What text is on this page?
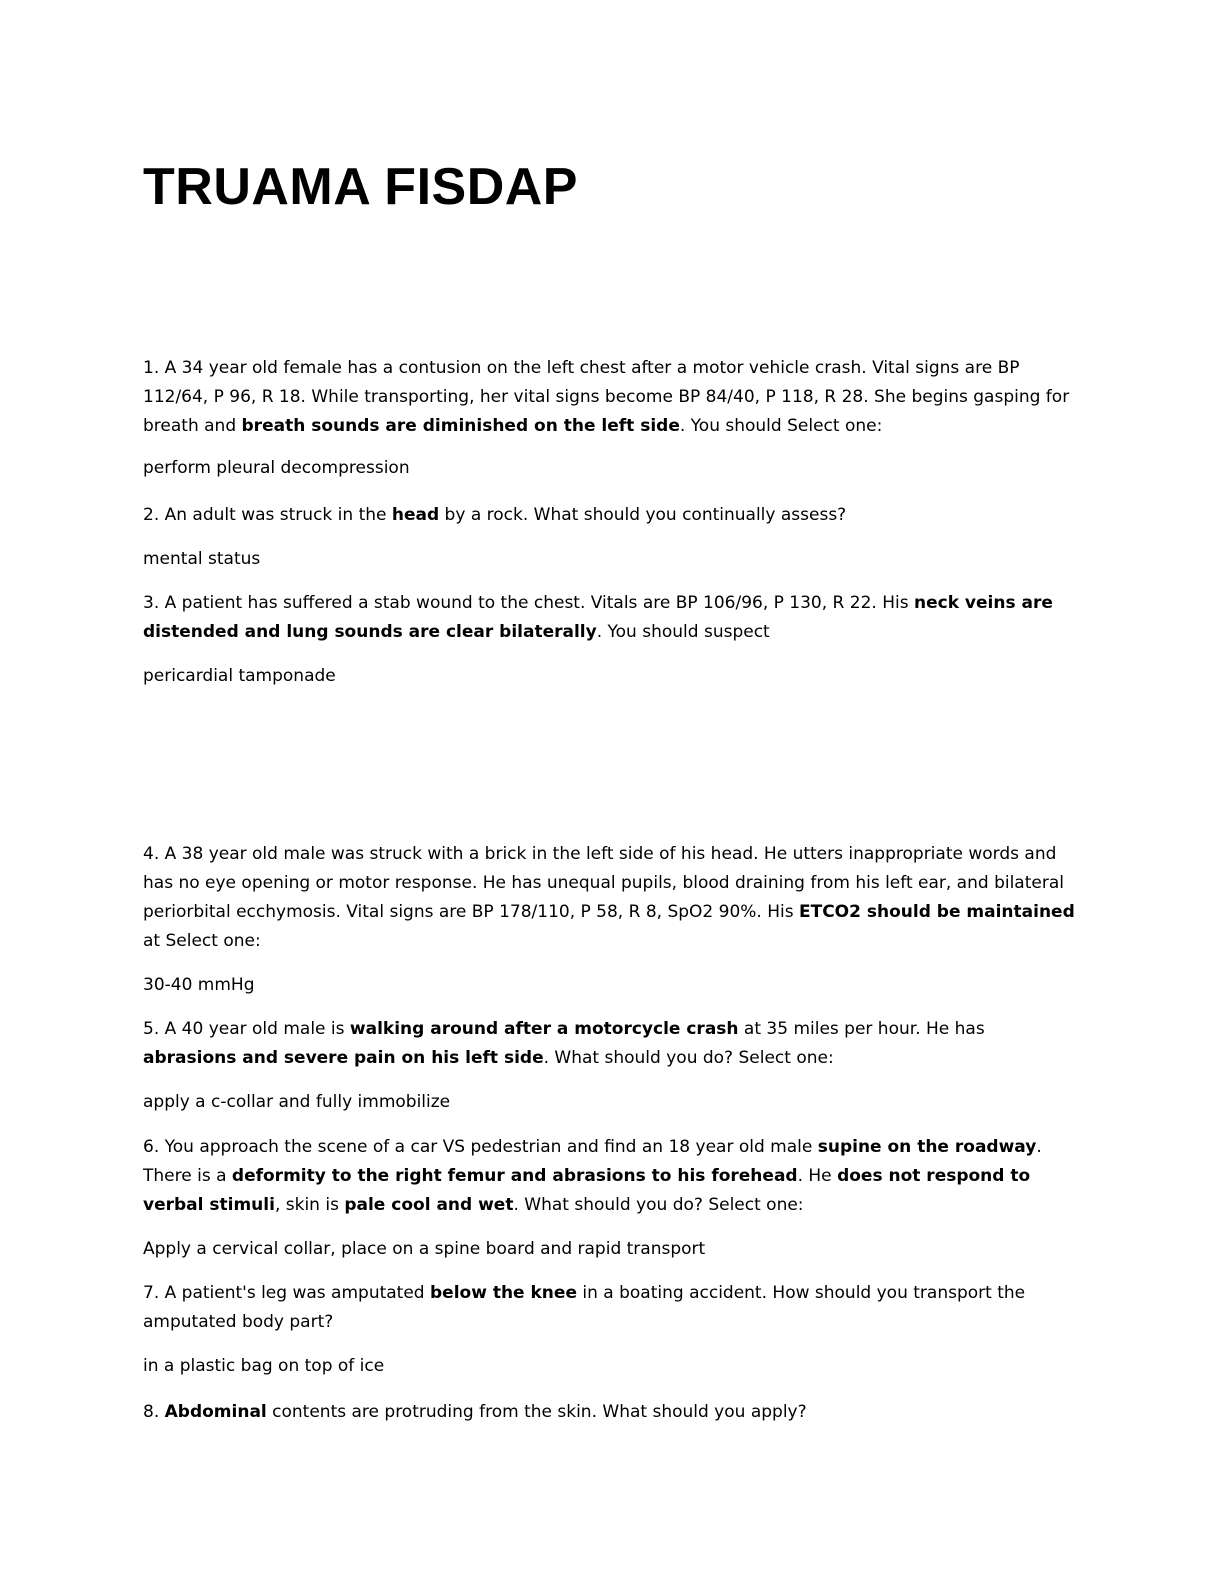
TRUAMA FISDAP

1. A 34 year old female has a contusion on the left chest after a motor vehicle crash. Vital signs are BP 112/64, P 96, R 18. While transporting, her vital signs become BP 84/40, P 118, R 28. She begins gasping for breath and breath sounds are diminished on the left side. You should Select one:

perform pleural decompression

2. An adult was struck in the head by a rock. What should you continually assess?

mental status

3. A patient has suffered a stab wound to the chest. Vitals are BP 106/96, P 130, R 22. His neck veins are distended and lung sounds are clear bilaterally. You should suspect

pericardial tamponade

4. A 38 year old male was struck with a brick in the left side of his head. He utters inappropriate words and has no eye opening or motor response. He has unequal pupils, blood draining from his left ear, and bilateral periorbital ecchymosis. Vital signs are BP 178/110, P 58, R 8, SpO2 90%. His ETCO2 should be maintained at Select one:

30-40 mmHg

5. A 40 year old male is walking around after a motorcycle crash at 35 miles per hour. He has abrasions and severe pain on his left side. What should you do? Select one:

apply a c-collar and fully immobilize

6. You approach the scene of a car VS pedestrian and find an 18 year old male supine on the roadway. There is a deformity to the right femur and abrasions to his forehead. He does not respond to verbal stimuli, skin is pale cool and wet. What should you do? Select one:

Apply a cervical collar, place on a spine board and rapid transport

7. A patient's leg was amputated below the knee in a boating accident. How should you transport the amputated body part?

in a plastic bag on top of ice

8. Abdominal contents are protruding from the skin. What should you apply?
